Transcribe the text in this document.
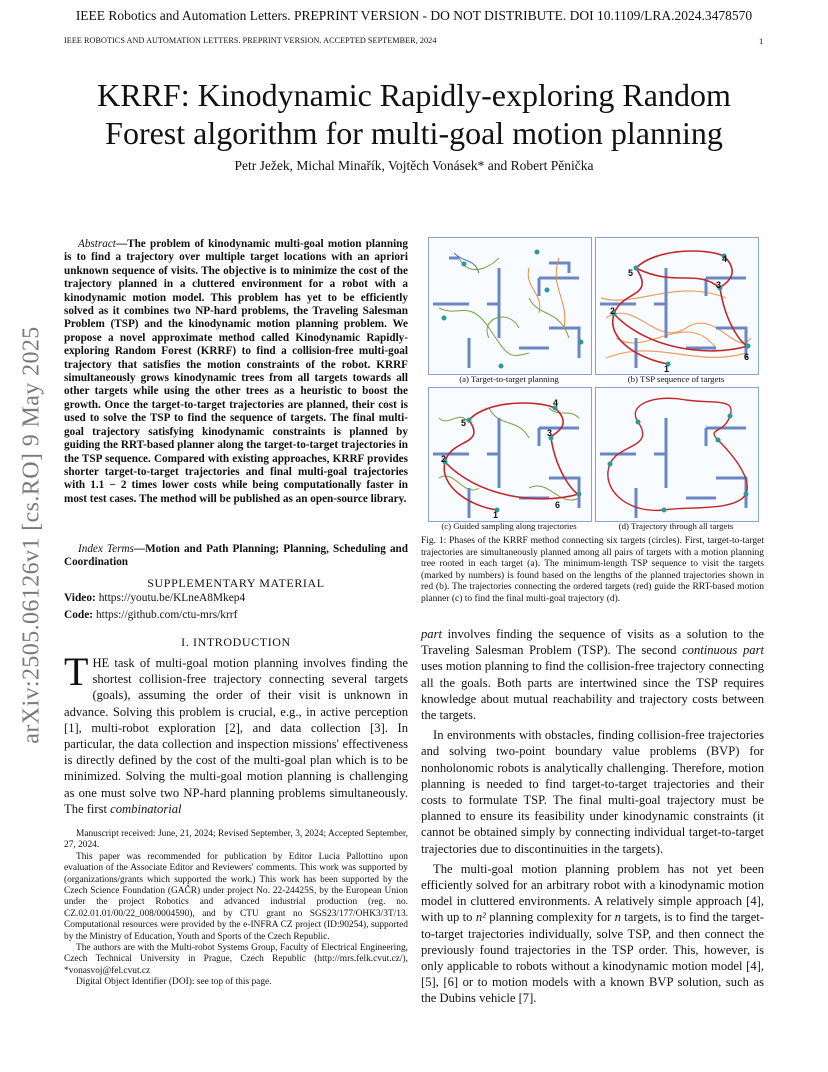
IEEE Robotics and Automation Letters. PREPRINT VERSION - DO NOT DISTRIBUTE. DOI 10.1109/LRA.2024.3478570
IEEE ROBOTICS AND AUTOMATION LETTERS. PREPRINT VERSION. ACCEPTED SEPTEMBER, 2024	1
arXiv:2505.06126v1 [cs.RO] 9 May 2025
KRRF: Kinodynamic Rapidly-exploring Random
Forest algorithm for multi-goal motion planning
Petr Ježek, Michal Minařík, Vojtěch Vonásek* and Robert Pěnička
Abstract—The problem of kinodynamic multi-goal motion planning is to find a trajectory over multiple target locations with an apriori unknown sequence of visits. The objective is to minimize the cost of the trajectory planned in a cluttered environment for a robot with a kinodynamic motion model. This problem has yet to be efficiently solved as it combines two NP-hard problems, the Traveling Salesman Problem (TSP) and the kinodynamic motion planning problem. We propose a novel approximate method called Kinodynamic Rapidly-exploring Random Forest (KRRF) to find a collision-free multi-goal trajectory that satisfies the motion constraints of the robot. KRRF simultaneously grows kinodynamic trees from all targets towards all other targets while using the other trees as a heuristic to boost the growth. Once the target-to-target trajectories are planned, their cost is used to solve the TSP to find the sequence of targets. The final multi-goal trajectory satisfying kinodynamic constraints is planned by guiding the RRT-based planner along the target-to-target trajectories in the TSP sequence. Compared with existing approaches, KRRF provides shorter target-to-target trajectories and final multi-goal trajectories with 1.1 − 2 times lower costs while being computationally faster in most test cases. The method will be published as an open-source library.
Index Terms—Motion and Path Planning; Planning, Scheduling and Coordination
SUPPLEMENTARY MATERIAL
Video: https://youtu.be/KLneA8Mkep4
Code: https://github.com/ctu-mrs/krrf
I. INTRODUCTION
THE task of multi-goal motion planning involves finding the shortest collision-free trajectory connecting several targets (goals), assuming the order of their visit is unknown in advance. Solving this problem is crucial, e.g., in active perception [1], multi-robot exploration [2], and data collection [3]. In particular, the data collection and inspection missions' effectiveness is directly defined by the cost of the multi-goal plan which is to be minimized. Solving the multi-goal motion planning is challenging as one must solve two NP-hard planning problems simultaneously. The first combinatorial

Manuscript received: June, 21, 2024; Revised September, 3, 2024; Accepted September, 27, 2024.

This paper was recommended for publication by Editor Lucia Pallottino upon evaluation of the Associate Editor and Reviewers' comments. This work was supported by (organizations/grants which supported the work.) This work has been supported by the Czech Science Foundation (GAČR) under project No. 22-24425S, by the European Union under the project Robotics and advanced industrial production (reg. no. CZ.02.01.01/00/22_008/0004590), and by CTU grant no SGS23/177/OHK3/3T/13. Computational resources were provided by the e-INFRA CZ project (ID:90254), supported by the Ministry of Education, Youth and Sports of the Czech Republic.

The authors are with the Multi-robot Systems Group, Faculty of Electrical Engineering, Czech Technical University in Prague, Czech Republic (http://mrs.felk.cvut.cz/), *vonasvoj@fel.cvut.cz

Digital Object Identifier (DOI): see top of this page.

(a) Target-to-target planning
1
2
3
4
5
6
(b) TSP sequence of targets
1
2
3
4
5
6
(c) Guided sampling along trajectories	(d) Trajectory through all targets
Fig. 1: Phases of the KRRF method connecting six targets (circles). First, target-to-target trajectories are simultaneously planned among all pairs of targets with a motion planning tree rooted in each target (a). The minimum-length TSP sequence to visit the targets (marked by numbers) is found based on the lengths of the planned trajectories shown in red (b). The trajectories connecting the ordered targets (red) guide the RRT-based motion planner (c) to find the final multi-goal trajectory (d).

part involves finding the sequence of visits as a solution to the Traveling Salesman Problem (TSP). The second continuous part uses motion planning to find the collision-free trajectory connecting all the goals. Both parts are intertwined since the TSP requires knowledge about mutual reachability and trajectory costs between the targets.

In environments with obstacles, finding collision-free trajectories and solving two-point boundary value problems (BVP) for nonholonomic robots is analytically challenging. Therefore, motion planning is needed to find target-to-target trajectories and their costs to formulate TSP. The final multi-goal trajectory must be planned to ensure its feasibility under kinodynamic constraints (it cannot be obtained simply by connecting individual target-to-target trajectories due to discontinuities in the targets).

The multi-goal motion planning problem has not yet been efficiently solved for an arbitrary robot with a kinodynamic motion model in cluttered environments. A relatively simple approach [4], with up to n² planning complexity for n targets, is to find the target-to-target trajectories individually, solve TSP, and then connect the previously found trajectories in the TSP order. This, however, is only applicable to robots without a kinodynamic motion model [4], [5], [6] or to motion models with a known BVP solution, such as the Dubins vehicle [7].
